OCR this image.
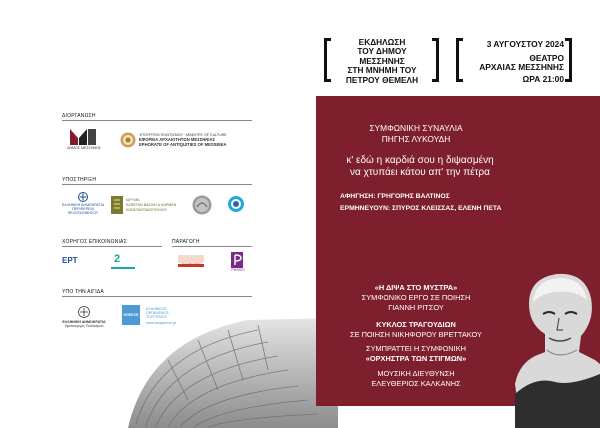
ΕΚΔΗΛΩΣΗ
ΤΟΥ ΔΗΜΟΥ
ΜΕΣΣΗΝΗΣ
ΣΤΗ ΜΝΗΜΗ ΤΟΥ
ΠΕΤΡΟΥ ΘΕΜΕΛΗ
3 ΑΥΓΟΥΣΤΟΥ 2024
ΘΕΑΤΡΟ
ΑΡΧΑΙΑΣ ΜΕΣΣΗΝΗΣ
ΩΡΑ 21:00
ΔΙΟΡΓΑΝΩΣΗ
ΔΗΜΟΣ ΜΕΣΣΗΝΗΣ
ΥΠΟΥΡΓΕΙΟ ΠΟΛΙΤΙΣΜΟΥ · MINISTRY OF CULTURE
ΕΦΟΡΕΙΑ ΑΡΧΑΙΟΤΗΤΩΝ ΜΕΣΣΗΝΙΑΣ
EPHORATE OF ANTIQUITIES OF MESSENIA
ΥΠΟΣΤΗΡΙΞΗ
ΕΛΛΗΝΙΚΗ ΔΗΜΟΚΡΑΤΙΑ
ΠΕΡΙΦΕΡΕΙΑ ΠΕΛΟΠΟΝΝΗΣΟΥ
ΙΔΡΥΜΑ
ΚΑΠΕΤΑΝ ΒΑΣΙΛΗ & ΚΑΡΜΕΝ
ΚΩΝΣΤΑΝΤΑΚΟΠΟΥΛΟΥ
ΧΟΡΗΓΟΣ ΕΠΙΚΟΙΝΩΝΙΑΣ	ΠΑΡΑΓΩΓΗ
ΕΡΤ	2	ΣΥΜΠΑΓΕΙΑ
PHASIS
ΥΠΟ ΤΗΝ ΑΙΓΙΔΑ
ΕΛΛΗΝΙΚΗ ΔΗΜΟΚΡΑΤΙΑ
Υφυπουργός Πολιτισμού
GREECE
ΕΛΛΗΝΙΚΟΣ
ΟΡΓΑΝΙΣΜΟΣ
ΤΟΥΡΙΣΜΟΥ
www.visitgreece.gr
ΣΥΜΦΩΝΙΚΗ ΣΥΝΑΥΛΙΑ
ΠΗΓΗΣ ΛΥΚΟΥΔΗ
κ' εδώ η καρδιά σου η διψασμένη
να χτυπάει κάτου απ' την πέτρα
ΑΦΗΓΗΣΗ: ΓΡΗΓΟΡΗΣ ΒΑΛΤΙΝΟΣ
ΕΡΜΗΝΕΥΟΥΝ: ΣΠΥΡΟΣ ΚΛΕΙΣΣΑΣ, ΕΛΕΝΗ ΠΕΤΑ
«Η ΔΙΨΑ ΣΤΟ ΜΥΣΤΡΑ»
ΣΥΜΦΩΝΙΚΟ ΕΡΓΟ ΣΕ ΠΟΙΗΣΗ
ΓΙΑΝΝΗ ΡΙΤΣΟΥ
ΚΥΚΛΟΣ ΤΡΑΓΟΥΔΙΩΝ
ΣΕ ΠΟΙΗΣΗ ΝΙΚΗΦΟΡΟΥ ΒΡΕΤΤΑΚΟΥ
ΣΥΜΠΡΑΤΤΕΙ Η ΣΥΜΦΩΝΙΚΗ
«ΟΡΧΗΣΤΡΑ ΤΩΝ ΣΤΙΓΜΩΝ»
ΜΟΥΣΙΚΗ ΔΙΕΥΘΥΝΣΗ
ΕΛΕΥΘΕΡΙΟΣ ΚΑΛΚΑΝΗΣ
